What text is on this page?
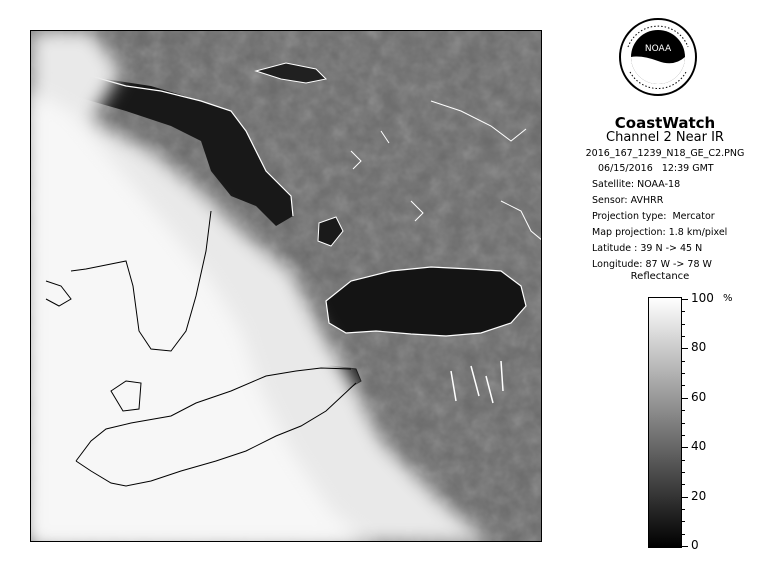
NOAA
CoastWatch
Channel 2 Near IR
2016_167_1239_N18_GE_C2.PNG
06/15/2016   12:39 GMT
Satellite: NOAA-18
Sensor: AVHRR
Projection type:  Mercator
Map projection: 1.8 km/pixel
Latitude : 39 N -> 45 N
Longitude: 87 W -> 78 W
Reflectance
%
100
80
60
40
20
0
